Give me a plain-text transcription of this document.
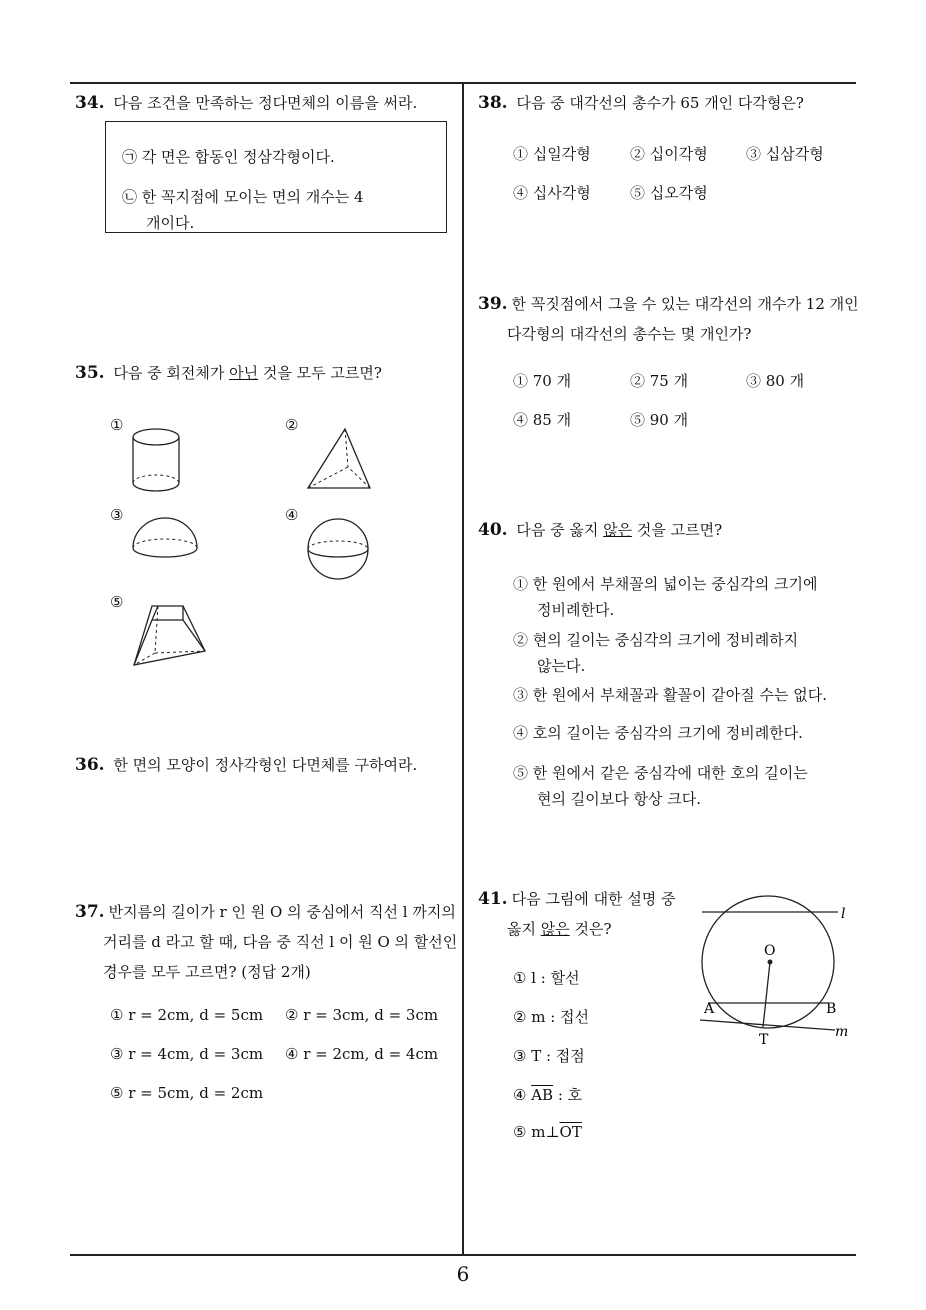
34. 다음 조건을 만족하는 정다면체의 이름을 써라.
㉠ 각 면은 합동인 정삼각형이다.
㉡ 한 꼭지점에 모이는 면의 개수는 4
개이다.
35. 다음 중 회전체가 아닌 것을 모두 고르면?
①	②
③	④
⑤
36. 한 면의 모양이 정사각형인 다면체를 구하여라.
37. 반지름의 길이가 r 인 원 O 의 중심에서 직선 l 까지의
거리를 d 라고 할 때, 다음 중 직선 l 이 원 O 의 할선인
경우를 모두 고르면? (정답 2개)
① r = 2cm, d = 5cm ② r = 3cm, d = 3cm
③ r = 4cm, d = 3cm ④ r = 2cm, d = 4cm
⑤ r = 5cm, d = 2cm
38. 다음 중 대각선의 총수가 65 개인 다각형은?
① 십일각형	② 십이각형	③ 십삼각형
④ 십사각형	⑤ 십오각형
39. 한 꼭짓점에서 그을 수 있는 대각선의 개수가 12 개인
다각형의 대각선의 총수는 몇 개인가?
① 70 개	② 75 개	③ 80 개
④ 85 개	⑤ 90 개
40. 다음 중 옳지 않은 것을 고르면?
① 한 원에서 부채꼴의 넓이는 중심각의 크기에
정비례한다.
② 현의 길이는 중심각의 크기에 정비례하지
않는다.
③ 한 원에서 부채꼴과 활꼴이 같아질 수는 없다.
④ 호의 길이는 중심각의 크기에 정비례한다.
⑤ 한 원에서 같은 중심각에 대한 호의 길이는
현의 길이보다 항상 크다.
41. 다음 그림에 대한 설명 중
옳지 않은 것은?
① l : 할선
② m : 접선
③ T : 접점
④ $\overline{AB}$ : 호
⑤ $m\perp\overline{OT}$
l
m
O
A	B
T
6
